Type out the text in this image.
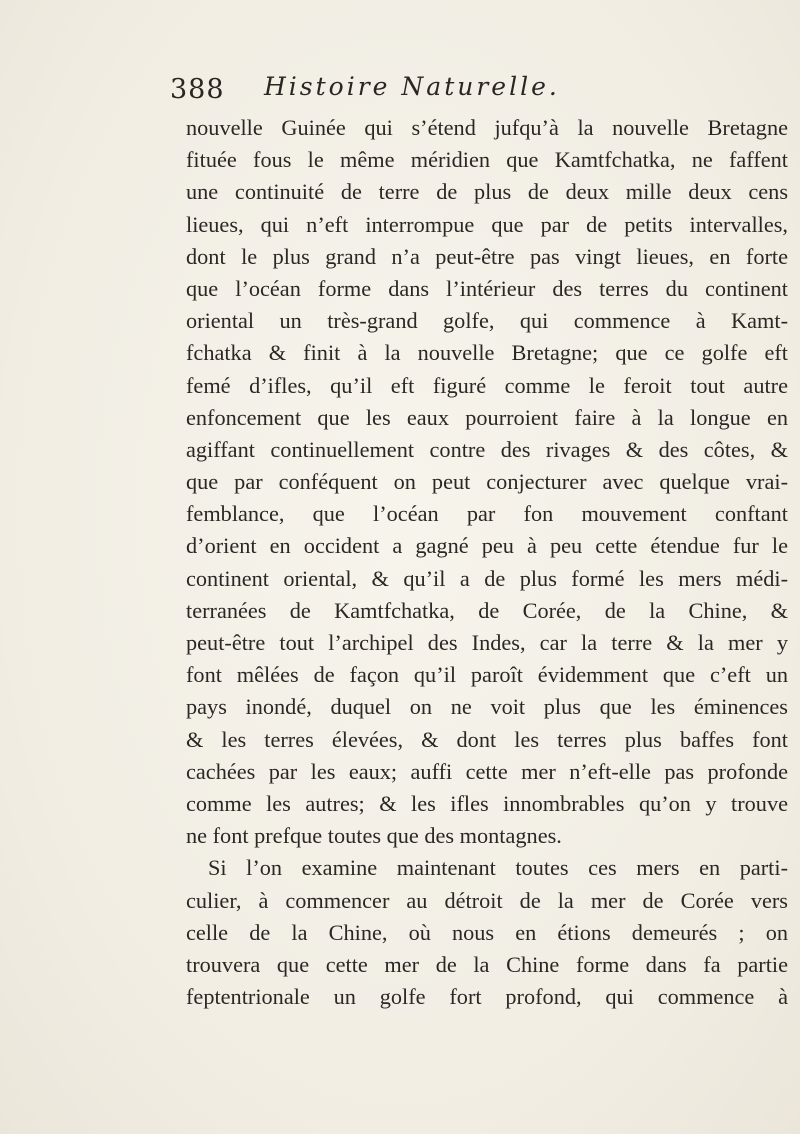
388 Histoire Naturelle.
nouvelle Guinée qui s’étend jufqu’à la nouvelle Bretagne
fituée fous le même méridien que Kamtfchatka, ne faffent
une continuité de terre de plus de deux mille deux cens
lieues, qui n’eft interrompue que par de petits intervalles,
dont le plus grand n’a peut-être pas vingt lieues, en forte
que l’océan forme dans l’intérieur des terres du continent
oriental un très-grand golfe, qui commence à Kamt-
fchatka & finit à la nouvelle Bretagne; que ce golfe eft
femé d’ifles, qu’il eft figuré comme le feroit tout autre
enfoncement que les eaux pourroient faire à la longue en
agiffant continuellement contre des rivages & des côtes, &
que par conféquent on peut conjecturer avec quelque vrai-
femblance, que l’océan par fon mouvement conftant
d’orient en occident a gagné peu à peu cette étendue fur le
continent oriental, & qu’il a de plus formé les mers médi-
terranées de Kamtfchatka, de Corée, de la Chine, &
peut-être tout l’archipel des Indes, car la terre & la mer y
font mêlées de façon qu’il paroît évidemment que c’eft un
pays inondé, duquel on ne voit plus que les éminences
& les terres élevées, & dont les terres plus baffes font
cachées par les eaux; auffi cette mer n’eft-elle pas profonde
comme les autres; & les ifles innombrables qu’on y trouve
ne font prefque toutes que des montagnes.
Si l’on examine maintenant toutes ces mers en parti-
culier, à commencer au détroit de la mer de Corée vers
celle de la Chine, où nous en étions demeurés ; on
trouvera que cette mer de la Chine forme dans fa partie
feptentrionale un golfe fort profond, qui commence à
